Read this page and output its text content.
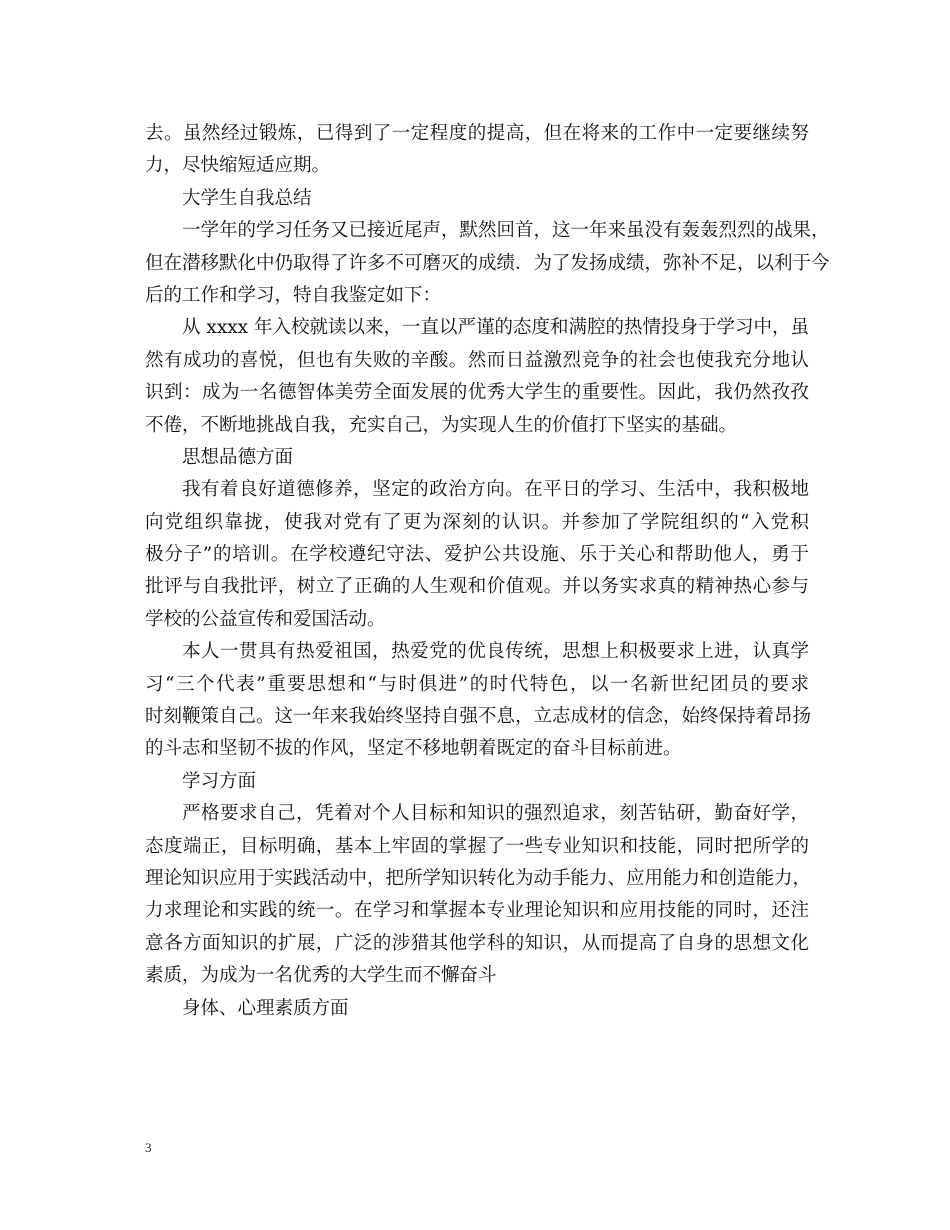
去。虽然经过锻炼，已得到了一定程度的提高，但在将来的工作中一定要继续努
力，尽快缩短适应期。
大学生自我总结
一学年的学习任务又已接近尾声，默然回首，这一年来虽没有轰轰烈烈的战果，
但在潜移默化中仍取得了许多不可磨灭的成绩．为了发扬成绩，弥补不足，以利于今
后的工作和学习，特自我鉴定如下：
从 xxxx 年入校就读以来，一直以严谨的态度和满腔的热情投身于学习中，虽
然有成功的喜悦，但也有失败的辛酸。然而日益激烈竞争的社会也使我充分地认
识到：成为一名德智体美劳全面发展的优秀大学生的重要性。因此，我仍然孜孜
不倦，不断地挑战自我，充实自己，为实现人生的价值打下坚实的基础。
思想品德方面
我有着良好道德修养，坚定的政治方向。在平日的学习、生活中，我积极地
向党组织靠拢，使我对党有了更为深刻的认识。并参加了学院组织的“入党积
极分子”的培训。在学校遵纪守法、爱护公共设施、乐于关心和帮助他人，勇于
批评与自我批评，树立了正确的人生观和价值观。并以务实求真的精神热心参与
学校的公益宣传和爱国活动。
本人一贯具有热爱祖国，热爱党的优良传统，思想上积极要求上进，认真学
习“三个代表”重要思想和“与时俱进”的时代特色，以一名新世纪团员的要求
时刻鞭策自己。这一年来我始终坚持自强不息，立志成材的信念，始终保持着昂扬
的斗志和坚韧不拔的作风，坚定不移地朝着既定的奋斗目标前进。
学习方面
严格要求自己，凭着对个人目标和知识的强烈追求，刻苦钻研，勤奋好学，
态度端正，目标明确，基本上牢固的掌握了一些专业知识和技能，同时把所学的
理论知识应用于实践活动中，把所学知识转化为动手能力、应用能力和创造能力，
力求理论和实践的统一。在学习和掌握本专业理论知识和应用技能的同时，还注
意各方面知识的扩展，广泛的涉猎其他学科的知识，从而提高了自身的思想文化
素质，为成为一名优秀的大学生而不懈奋斗
身体、心理素质方面
3
